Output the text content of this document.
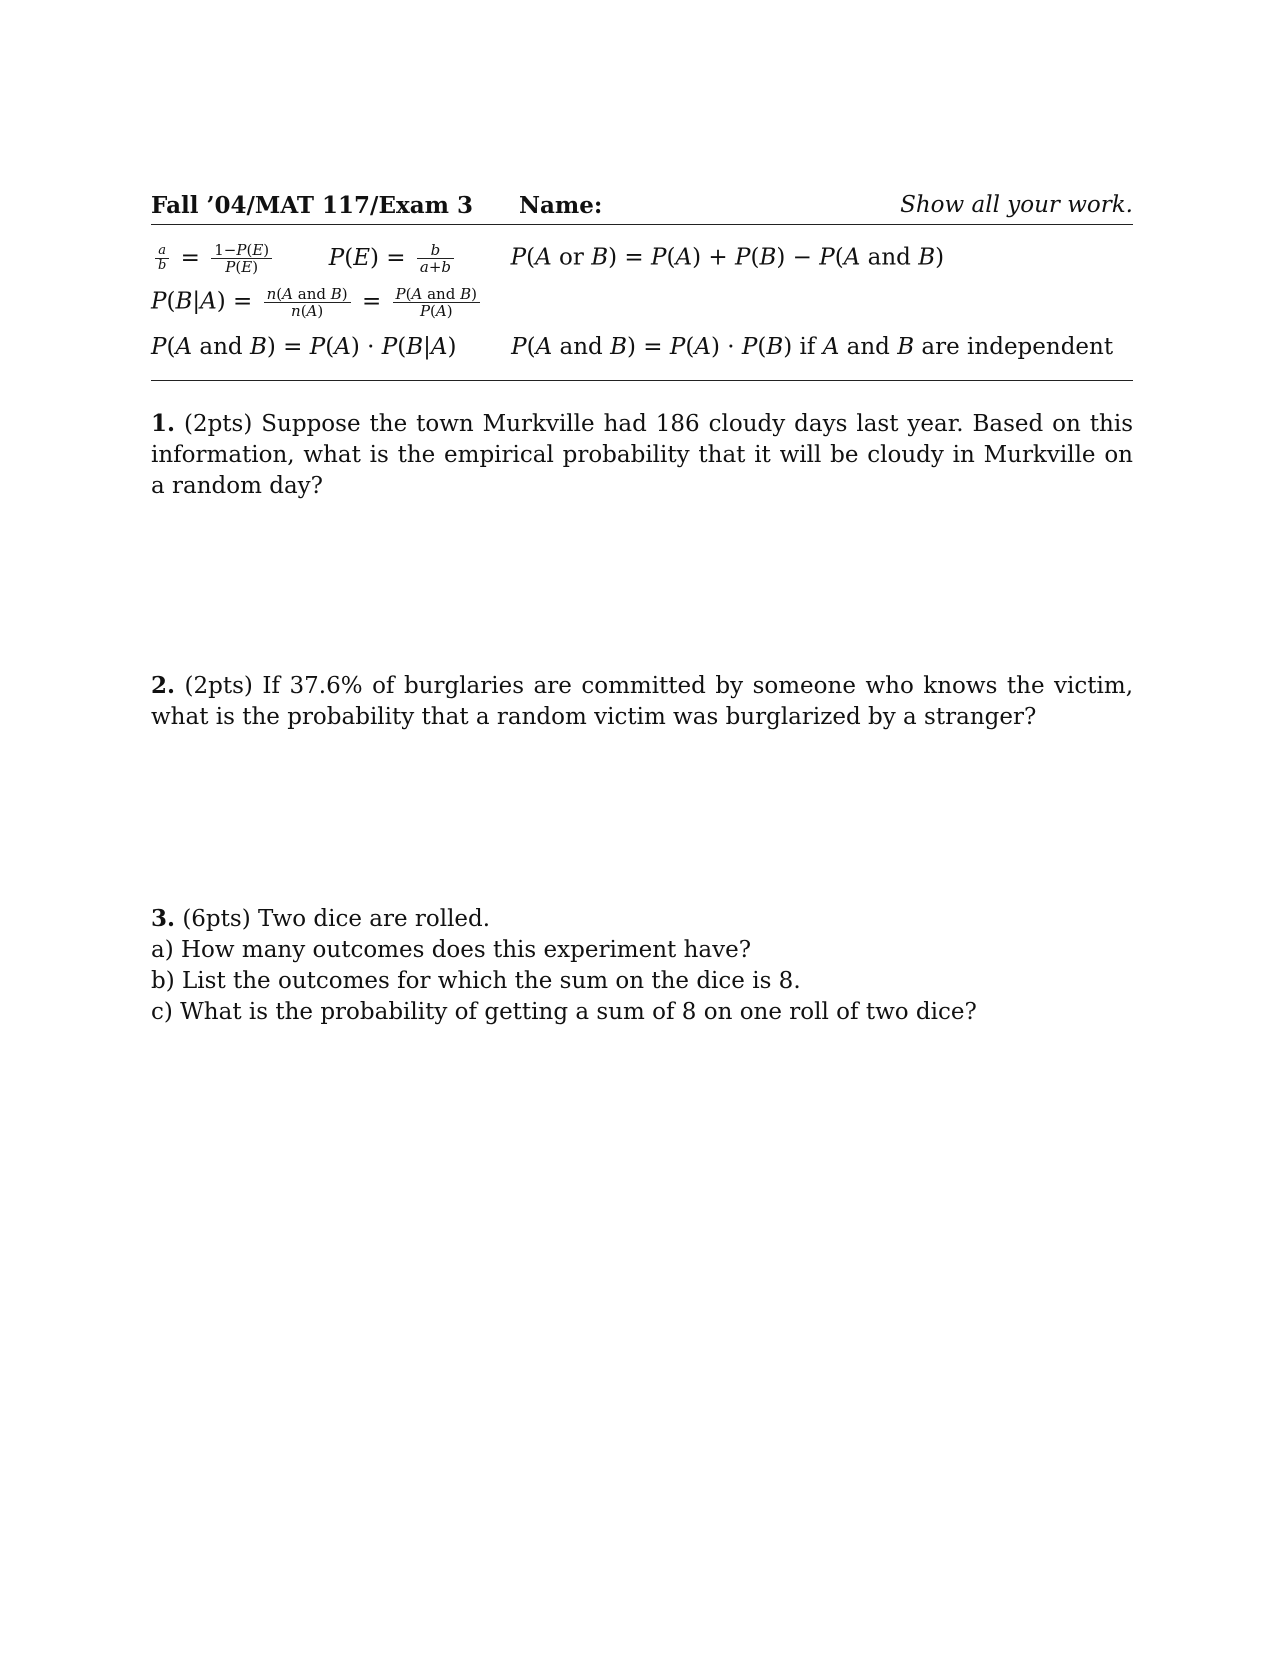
Fall ’04/MAT 117/Exam 3 Name:	Show all your work.
$\frac{a}{b} = \frac{1-P(E)}{P(E)} P(E) = \frac{b}{a+b} P(A$ or B) = P(A) + P(B) − P(A and B)
$P(B|A) = \frac{\text{n(A and B)}}{n(A)} = \frac{\text{P(A and B)}}{P(A)}$
P(A and B) = P(A) · P(B|A)  P(A and B) = P(A) · P(B) if A and B are independent
1. (2pts) Suppose the town Murkville had 186 cloudy days last year. Based on this information, what is the empirical probability that it will be cloudy in Murkville on a random day?
2. (2pts) If 37.6% of burglaries are committed by someone who knows the victim, what is the probability that a random victim was burglarized by a stranger?
3. (6pts) Two dice are rolled.
a) How many outcomes does this experiment have?
b) List the outcomes for which the sum on the dice is 8.
c) What is the probability of getting a sum of 8 on one roll of two dice?
